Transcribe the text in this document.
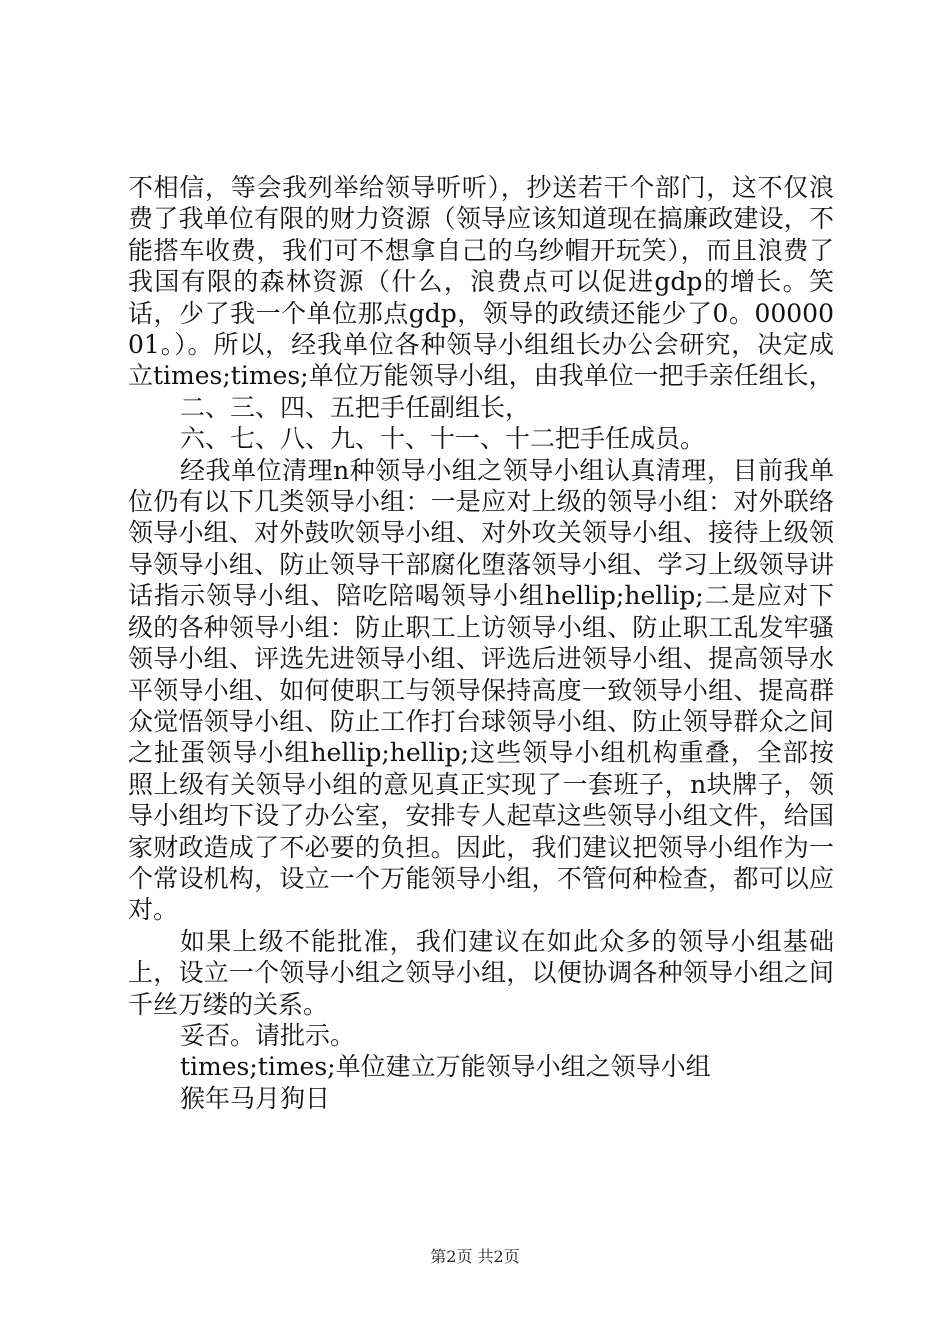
不相信，等会我列举给领导听听），抄送若干个部门，这不仅浪费了我单位有限的财力资源（领导应该知道现在搞廉政建设，不能搭车收费，我们可不想拿自己的乌纱帽开玩笑），而且浪费了我国有限的森林资源（什么，浪费点可以促进gdp的增长。笑话，少了我一个单位那点gdp，领导的政绩还能少了0。0000001。）。所以，经我单位各种领导小组组长办公会研究，决定成立times;times;单位万能领导小组，由我单位一把手亲任组长，

二、三、四、五把手任副组长，

六、七、八、九、十、十一、十二把手任成员。

经我单位清理n种领导小组之领导小组认真清理，目前我单位仍有以下几类领导小组：一是应对上级的领导小组：对外联络领导小组、对外鼓吹领导小组、对外攻关领导小组、接待上级领导领导小组、防止领导干部腐化堕落领导小组、学习上级领导讲话指示领导小组、陪吃陪喝领导小组hellip;hellip;二是应对下级的各种领导小组：防止职工上访领导小组、防止职工乱发牢骚领导小组、评选先进领导小组、评选后进领导小组、提高领导水平领导小组、如何使职工与领导保持高度一致领导小组、提高群众觉悟领导小组、防止工作打台球领导小组、防止领导群众之间之扯蛋领导小组hellip;hellip;这些领导小组机构重叠，全部按照上级有关领导小组的意见真正实现了一套班子，n块牌子，领导小组均下设了办公室，安排专人起草这些领导小组文件，给国家财政造成了不必要的负担。因此，我们建议把领导小组作为一个常设机构，设立一个万能领导小组，不管何种检查，都可以应对。

如果上级不能批准，我们建议在如此众多的领导小组基础上，设立一个领导小组之领导小组，以便协调各种领导小组之间千丝万缕的关系。

妥否。请批示。

times;times;单位建立万能领导小组之领导小组

猴年马月狗日

第2页 共2页
